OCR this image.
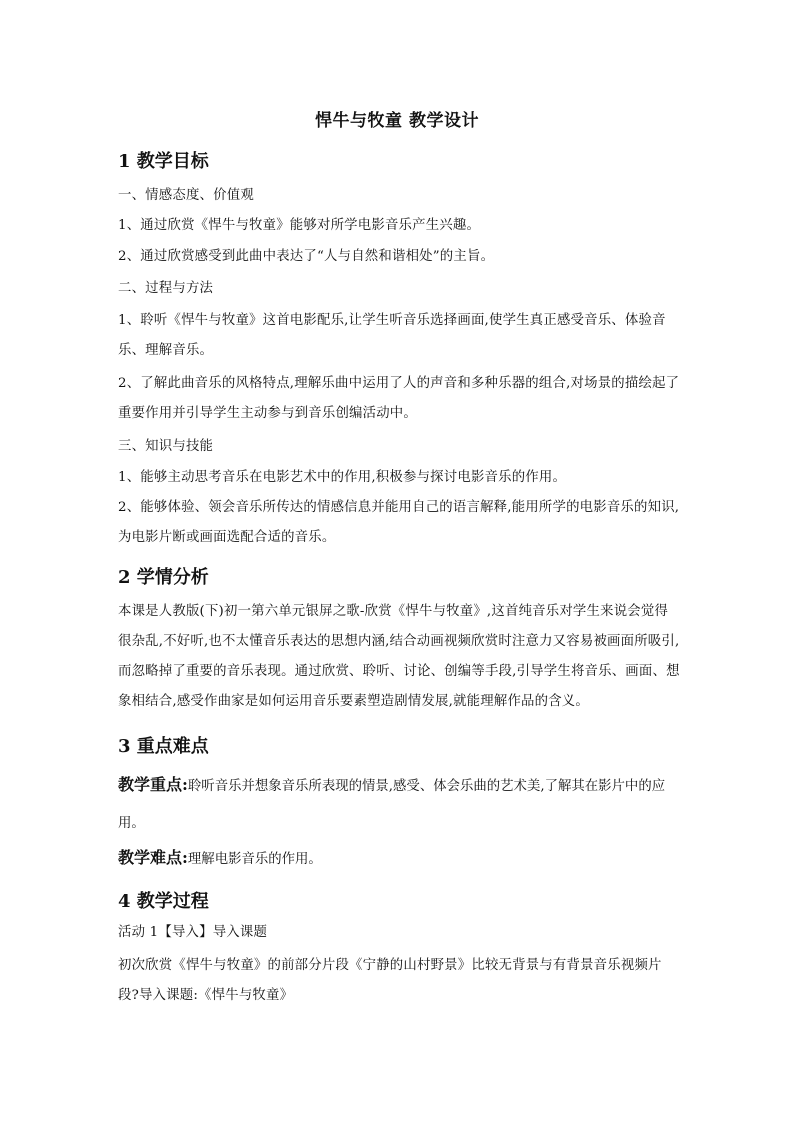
悍牛与牧童 教学设计
1 教学目标
一、情感态度、价值观
1、通过欣赏《悍牛与牧童》能够对所学电影音乐产生兴趣。
2、通过欣赏感受到此曲中表达了“人与自然和谐相处”的主旨。
二、过程与方法
1、聆听《悍牛与牧童》这首电影配乐,让学生听音乐选择画面,使学生真正感受音乐、体验音乐、理解音乐。
2、了解此曲音乐的风格特点,理解乐曲中运用了人的声音和多种乐器的组合,对场景的描绘起了重要作用并引导学生主动参与到音乐创编活动中。
三、知识与技能
1、能够主动思考音乐在电影艺术中的作用,积极参与探讨电影音乐的作用。
2、能够体验、领会音乐所传达的情感信息并能用自己的语言解释,能用所学的电影音乐的知识,为电影片断或画面选配合适的音乐。
2 学情分析
本课是人教版(下)初一第六单元银屏之歌-欣赏《悍牛与牧童》,这首纯音乐对学生来说会觉得很杂乱,不好听,也不太懂音乐表达的思想内涵,结合动画视频欣赏时注意力又容易被画面所吸引,而忽略掉了重要的音乐表现。通过欣赏、聆听、讨论、创编等手段,引导学生将音乐、画面、想象相结合,感受作曲家是如何运用音乐要素塑造剧情发展,就能理解作品的含义。
3 重点难点
教学重点:聆听音乐并想象音乐所表现的情景,感受、体会乐曲的艺术美,了解其在影片中的应用。
教学难点:理解电影音乐的作用。
4 教学过程
活动 1【导入】导入课题
初次欣赏《悍牛与牧童》的前部分片段《宁静的山村野景》比较无背景与有背景音乐视频片段?导入课题:《悍牛与牧童》
